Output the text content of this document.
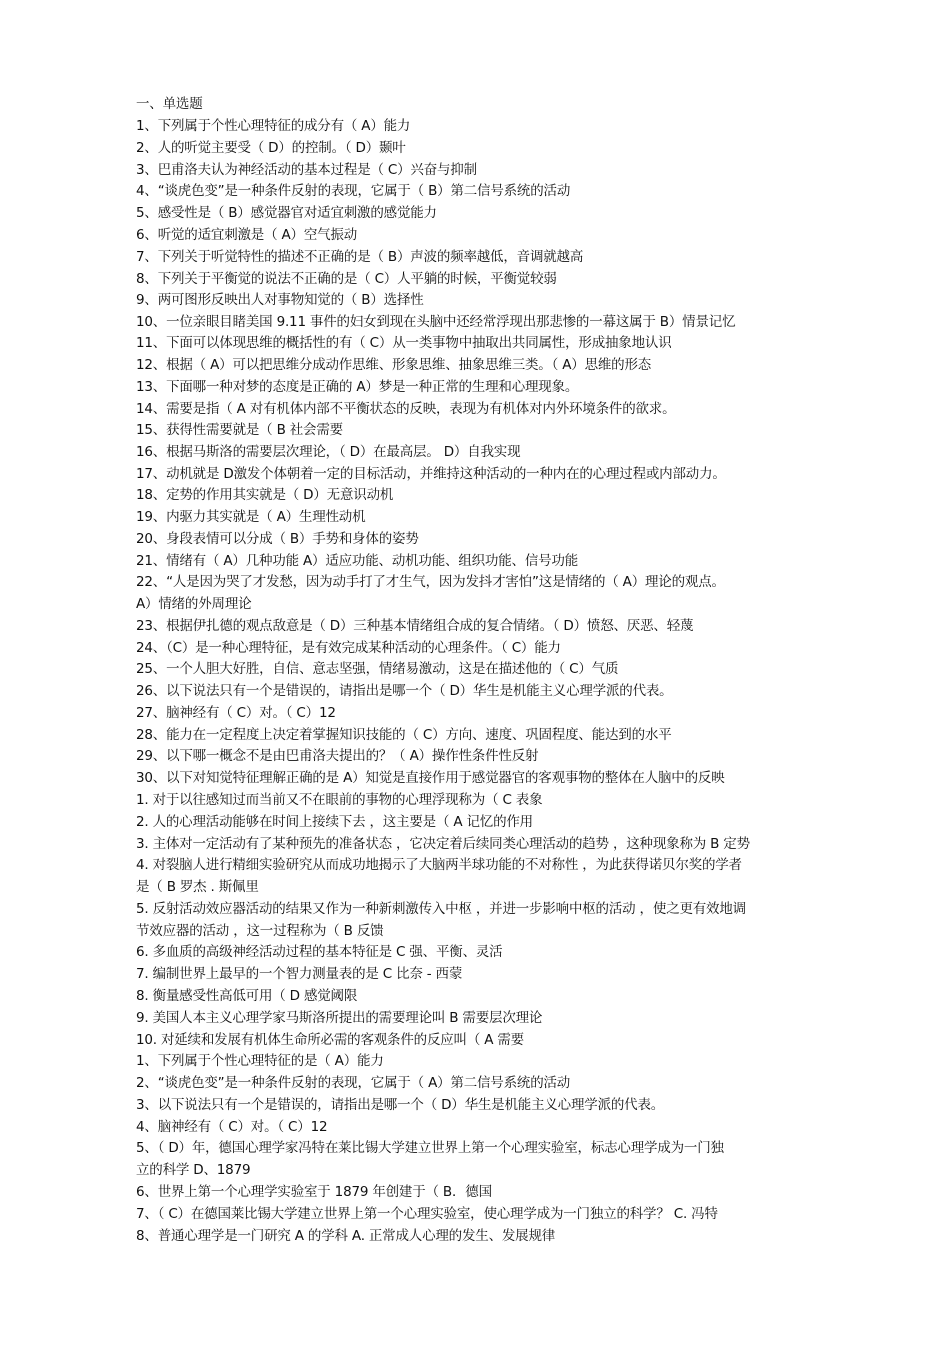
一、单选题
1、下列属于个性心理特征的成分有（ A）能力
2、人的听觉主要受（ D）的控制。（ D）颞叶
3、巴甫洛夫认为神经活动的基本过程是（ C）兴奋与抑制
4、“谈虎色变”是一种条件反射的表现，它属于（ B）第二信号系统的活动
5、感受性是（ B）感觉器官对适宜刺激的感觉能力
6、听觉的适宜刺激是（ A）空气振动
7、下列关于听觉特性的描述不正确的是（ B）声波的频率越低，音调就越高
8、下列关于平衡觉的说法不正确的是（ C）人平躺的时候，平衡觉较弱
9、两可图形反映出人对事物知觉的（ B）选择性
10、一位亲眼目睹美国 9.11 事件的妇女到现在头脑中还经常浮现出那悲惨的一幕这属于 B）情景记忆
11、下面可以体现思维的概括性的有（ C）从一类事物中抽取出共同属性，形成抽象地认识
12、根据（ A）可以把思维分成动作思维、形象思维、抽象思维三类。（ A）思维的形态
13、下面哪一种对梦的态度是正确的 A）梦是一种正常的生理和心理现象。
14、需要是指（ A 对有机体内部不平衡状态的反映，表现为有机体对内外环境条件的欲求。
15、获得性需要就是（ B 社会需要
16、根据马斯洛的需要层次理论，（ D）在最高层。 D）自我实现
17、动机就是 D激发个体朝着一定的目标活动，并维持这种活动的一种内在的心理过程或内部动力。
18、定势的作用其实就是（ D）无意识动机
19、内驱力其实就是（ A）生理性动机
20、身段表情可以分成（ B）手势和身体的姿势
21、情绪有（ A）几种功能 A）适应功能、动机功能、组织功能、信号功能
22、“人是因为哭了才发愁，因为动手打了才生气，因为发抖才害怕”这是情绪的（ A）理论的观点。
A）情绪的外周理论
23、根据伊扎德的观点敌意是（ D）三种基本情绪组合成的复合情绪。（ D）愤怒、厌恶、轻蔑
24、（C）是一种心理特征，是有效完成某种活动的心理条件。（ C）能力
25、一个人胆大好胜，自信、意志坚强，情绪易激动，这是在描述他的（ C）气质
26、以下说法只有一个是错误的，请指出是哪一个（ D）华生是机能主义心理学派的代表。
27、脑神经有（ C）对。（ C）12
28、能力在一定程度上决定着掌握知识技能的（ C）方向、速度、巩固程度、能达到的水平
29、以下哪一概念不是由巴甫洛夫提出的？（ A）操作性条件性反射
30、以下对知觉特征理解正确的是 A）知觉是直接作用于感觉器官的客观事物的整体在人脑中的反映
1. 对于以往感知过而当前又不在眼前的事物的心理浮现称为（ C 表象
2. 人的心理活动能够在时间上接续下去 ，这主要是（ A 记忆的作用
3. 主体对一定活动有了某种预先的准备状态 ，它决定着后续同类心理活动的趋势 ，这种现象称为 B 定势
4. 对裂脑人进行精细实验研究从而成功地揭示了大脑两半球功能的不对称性 ，为此获得诺贝尔奖的学者
是（ B 罗杰 . 斯佩里
5. 反射活动效应器活动的结果又作为一种新刺激传入中枢 ，并进一步影响中枢的活动 ，使之更有效地调
节效应器的活动 ，这一过程称为（ B 反馈
6. 多血质的高级神经活动过程的基本特征是 C 强、平衡、灵活
7. 编制世界上最早的一个智力测量表的是 C 比奈 - 西蒙
8. 衡量感受性高低可用（ D 感觉阈限
9. 美国人本主义心理学家马斯洛所提出的需要理论叫 B 需要层次理论
10. 对延续和发展有机体生命所必需的客观条件的反应叫（ A 需要
1、下列属于个性心理特征的是（ A）能力
2、“谈虎色变”是一种条件反射的表现，它属于（ A）第二信号系统的活动
3、以下说法只有一个是错误的，请指出是哪一个（ D）华生是机能主义心理学派的代表。
4、脑神经有（ C）对。（ C）12
5、（ D）年，德国心理学家冯特在莱比锡大学建立世界上第一个心理实验室，标志心理学成为一门独
立的科学 D、1879
6、世界上第一个心理学实验室于 1879 年创建于（ B．德国
7、（ C）在德国莱比锡大学建立世界上第一个心理实验室，使心理学成为一门独立的科学？ C. 冯特
8、普通心理学是一门研究 A 的学科 A. 正常成人心理的发生、发展规律
